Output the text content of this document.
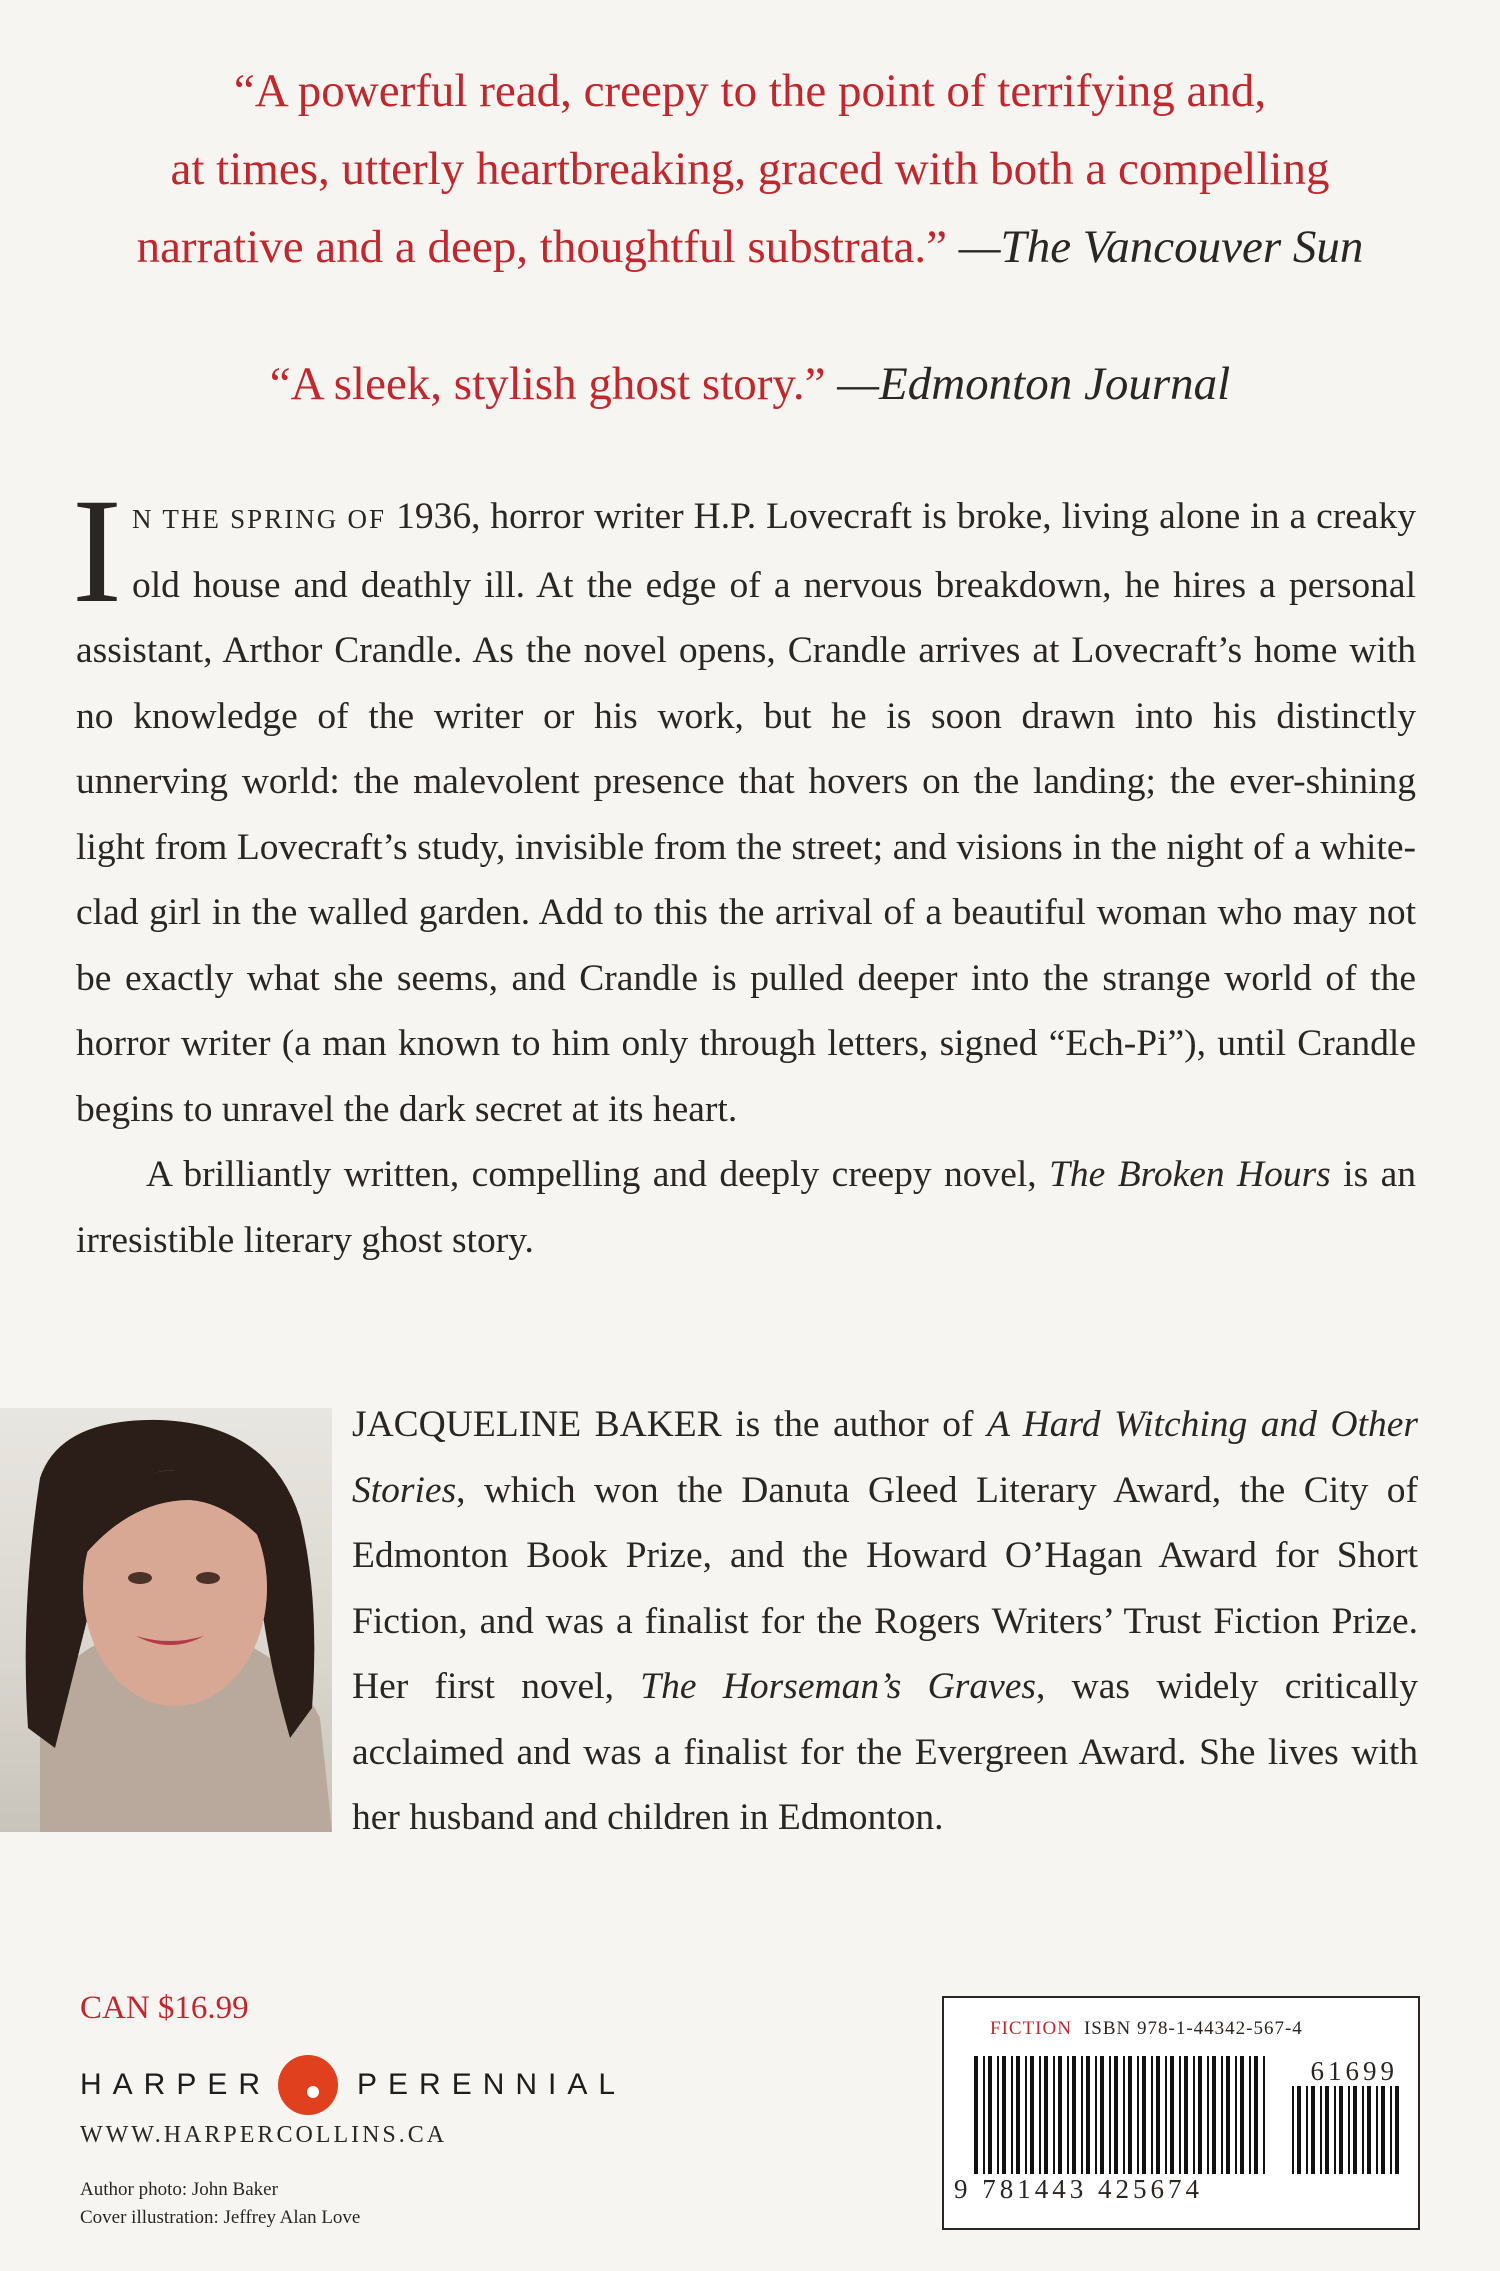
“A powerful read, creepy to the point of terrifying and,
at times, utterly heartbreaking, graced with both a compelling
narrative and a deep, thoughtful substrata.” —The Vancouver Sun
“A sleek, stylish ghost story.” —Edmonton Journal

I N THE SPRING OF 1936, horror writer H.P. Lovecraft is broke, living alone in a creaky old house and deathly ill. At the edge of a nervous breakdown, he hires a personal assistant, Arthor Crandle. As the novel opens, Crandle arrives at Lovecraft’s home with no knowledge of the writer or his work, but he is soon drawn into his distinctly unnerving world: the malevolent presence that hovers on the landing; the ever-shining light from Lovecraft’s study, invisible from the street; and visions in the night of a white-clad girl in the walled garden. Add to this the arrival of a beautiful woman who may not be exactly what she seems, and Crandle is pulled deeper into the strange world of the horror writer (a man known to him only through letters, signed “Ech-Pi”), until Crandle begins to unravel the dark secret at its heart.

A brilliantly written, compelling and deeply creepy novel, The Broken Hours is an irresistible literary ghost story.

JACQUELINE BAKER is the author of A Hard Witching and Other Stories, which won the Danuta Gleed Literary Award, the City of Edmonton Book Prize, and the Howard O’Hagan Award for Short Fiction, and was a finalist for the Rogers Writers’ Trust Fiction Prize. Her first novel, The Horseman’s Graves, was widely critically acclaimed and was a finalist for the Evergreen Award. She lives with her husband and children in Edmonton.
CAN $16.99
HARPER	PERENNIAL
WWW.HARPERCOLLINS.CA
Author photo: John Baker
Cover illustration: Jeffrey Alan Love
FICTION ISBN 978-1-44342-567-4
61699
9 781443 425674
